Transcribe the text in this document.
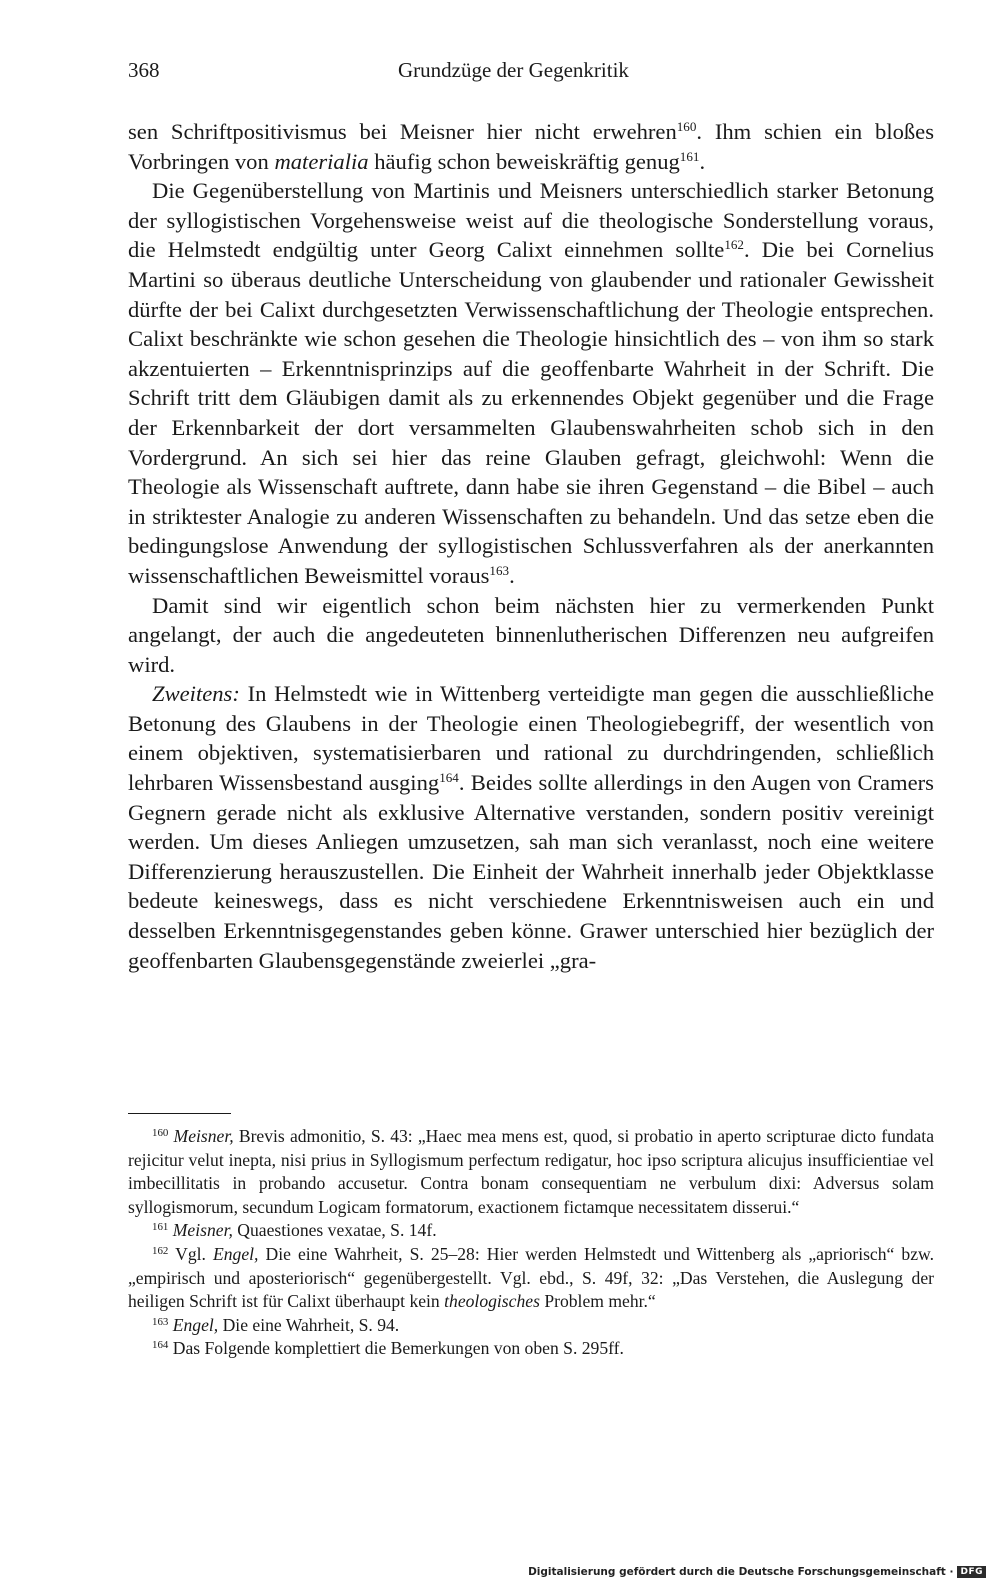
368	Grundzüge der Gegenkritik

sen Schriftpositivismus bei Meisner hier nicht erwehren$^{160}$. Ihm schien ein bloßes Vorbringen von materialia häufig schon beweiskräftig genug$^{161}$.

Die Gegenüberstellung von Martinis und Meisners unterschiedlich starker Betonung der syllogistischen Vorgehensweise weist auf die theologische Sonderstellung voraus, die Helmstedt endgültig unter Georg Calixt einnehmen sollte$^{162}$. Die bei Cornelius Martini so überaus deutliche Unterscheidung von glaubender und rationaler Gewissheit dürfte der bei Calixt durchgesetzten Verwissenschaftlichung der Theologie entsprechen. Calixt beschränkte wie schon gesehen die Theologie hinsichtlich des – von ihm so stark akzentuierten – Erkenntnisprinzips auf die geoffenbarte Wahrheit in der Schrift. Die Schrift tritt dem Gläubigen damit als zu erkennendes Objekt gegenüber und die Frage der Erkennbarkeit der dort versammelten Glaubenswahrheiten schob sich in den Vordergrund. An sich sei hier das reine Glauben gefragt, gleichwohl: Wenn die Theologie als Wissenschaft auftrete, dann habe sie ihren Gegenstand – die Bibel – auch in striktester Analogie zu anderen Wissenschaften zu behandeln. Und das setze eben die bedingungslose Anwendung der syllogistischen Schlussverfahren als der anerkannten wissenschaftlichen Beweismittel voraus$^{163}$.

Damit sind wir eigentlich schon beim nächsten hier zu vermerkenden Punkt angelangt, der auch die angedeuteten binnenlutherischen Differenzen neu aufgreifen wird.

Zweitens: In Helmstedt wie in Wittenberg verteidigte man gegen die ausschließliche Betonung des Glaubens in der Theologie einen Theologiebegriff, der wesentlich von einem objektiven, systematisierbaren und rational zu durchdringenden, schließlich lehrbaren Wissensbestand ausging$^{164}$. Beides sollte allerdings in den Augen von Cramers Gegnern gerade nicht als exklusive Alternative verstanden, sondern positiv vereinigt werden. Um dieses Anliegen umzusetzen, sah man sich veranlasst, noch eine weitere Differenzierung herauszustellen. Die Einheit der Wahrheit innerhalb jeder Objektklasse bedeute keineswegs, dass es nicht verschiedene Erkenntnisweisen auch ein und desselben Erkenntnisgegenstandes geben könne. Grawer unterschied hier bezüglich der geoffenbarten Glaubensgegenstände zweierlei „gra-

$^{160}$ Meisner, Brevis admonitio, S. 43: „Haec mea mens est, quod, si probatio in aperto scripturae dicto fundata rejicitur velut inepta, nisi prius in Syllogismum perfectum redigatur, hoc ipso scriptura alicujus insufficientiae vel imbecillitatis in probando accusetur. Contra bonam consequentiam ne verbulum dixi: Adversus solam syllogismorum, secundum Logicam formatorum, exactionem fictamque necessitatem disserui.“

$^{161}$ Meisner, Quaestiones vexatae, S. 14f.

$^{162}$ Vgl. Engel, Die eine Wahrheit, S. 25–28: Hier werden Helmstedt und Wittenberg als „apriorisch“ bzw. „empirisch und aposteriorisch“ gegenübergestellt. Vgl. ebd., S. 49f, 32: „Das Verstehen, die Auslegung der heiligen Schrift ist für Calixt überhaupt kein theologisches Problem mehr.“

$^{163}$ Engel, Die eine Wahrheit, S. 94.

$^{164}$ Das Folgende komplettiert die Bemerkungen von oben S. 295ff.

Digitalisierung gefördert durch die Deutsche Forschungsgemeinschaft · DFG
